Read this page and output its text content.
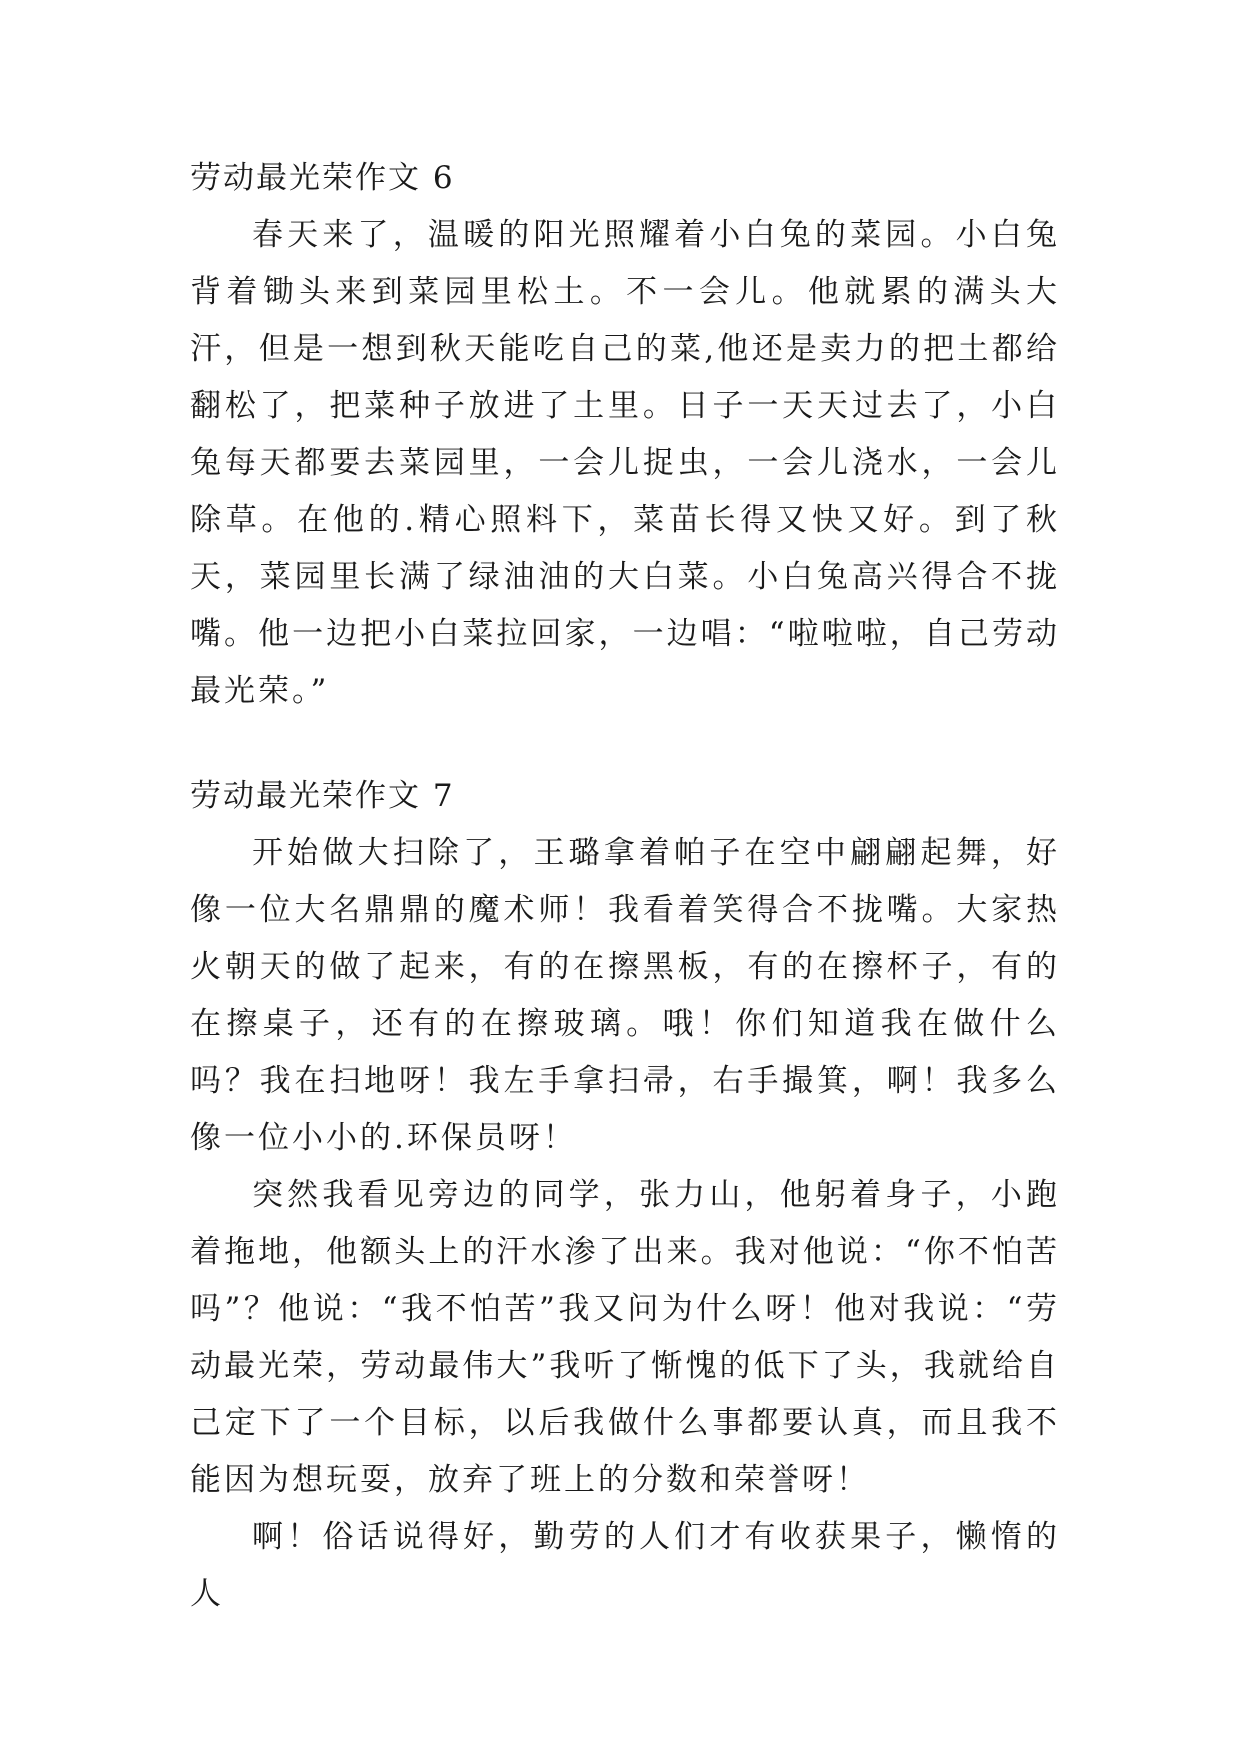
劳动最光荣作文 6

春天来了，温暖的阳光照耀着小白兔的菜园。小白兔背着锄头来到菜园里松土。不一会儿。他就累的满头大汗，但是一想到秋天能吃自己的菜,他还是卖力的把土都给翻松了，把菜种子放进了土里。日子一天天过去了，小白兔每天都要去菜园里，一会儿捉虫，一会儿浇水，一会儿除草。在他的.精心照料下，菜苗长得又快又好。到了秋天，菜园里长满了绿油油的大白菜。小白兔高兴得合不拢嘴。他一边把小白菜拉回家，一边唱：“啦啦啦，自己劳动最光荣。”

劳动最光荣作文 7

开始做大扫除了，王璐拿着帕子在空中翩翩起舞，好像一位大名鼎鼎的魔术师！我看着笑得合不拢嘴。大家热火朝天的做了起来，有的在擦黑板，有的在擦杯子，有的在擦桌子，还有的在擦玻璃。哦！你们知道我在做什么吗？我在扫地呀！我左手拿扫帚，右手撮箕，啊！我多么像一位小小的.环保员呀！

突然我看见旁边的同学，张力山，他躬着身子，小跑着拖地，他额头上的汗水渗了出来。我对他说：“你不怕苦吗”？他说：“我不怕苦”我又问为什么呀！他对我说：“劳动最光荣，劳动最伟大”我听了惭愧的低下了头，我就给自己定下了一个目标，以后我做什么事都要认真，而且我不能因为想玩耍，放弃了班上的分数和荣誉呀！

啊！俗话说得好，勤劳的人们才有收获果子，懒惰的人
